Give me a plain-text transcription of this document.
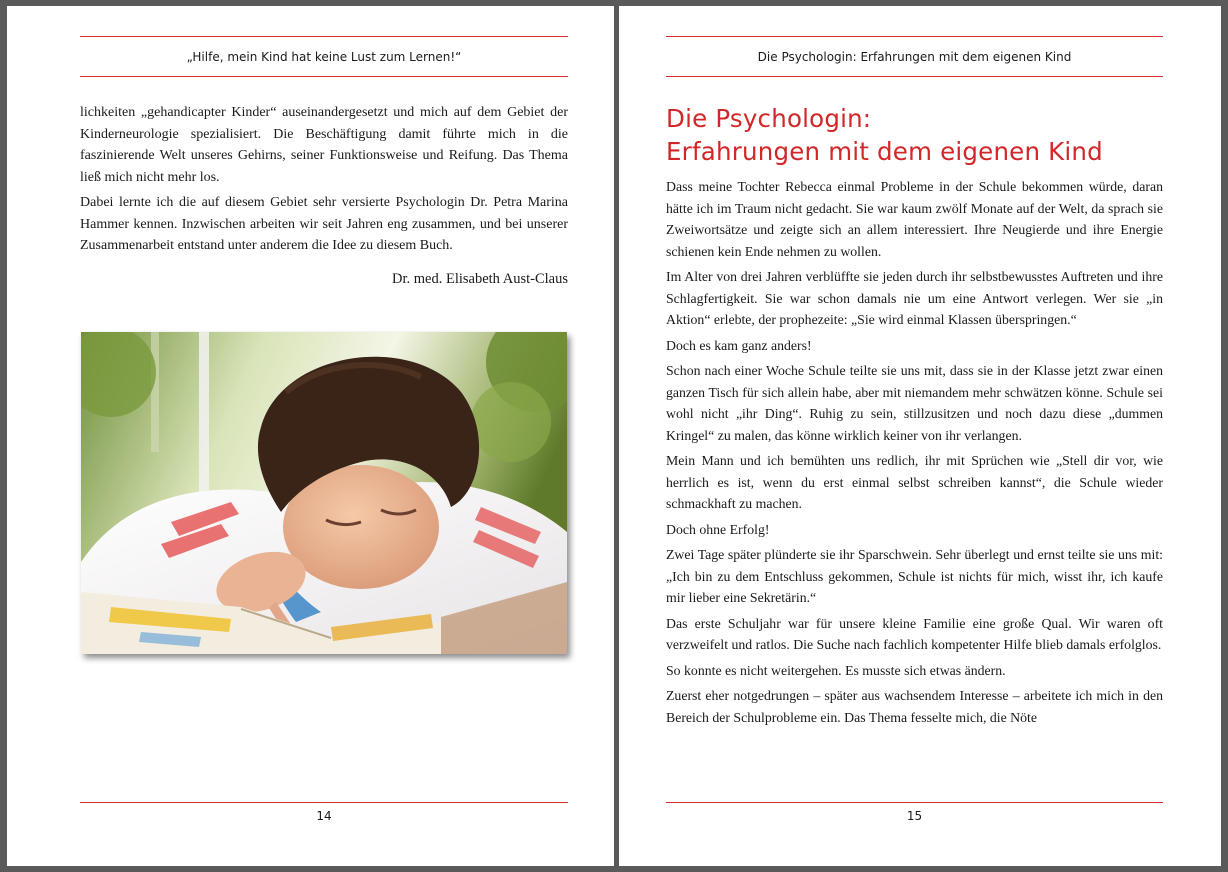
„Hilfe, mein Kind hat keine Lust zum Lernen!“

lichkeiten „gehandicapter Kinder“ auseinandergesetzt und mich auf dem Gebiet der Kinderneurologie spezialisiert. Die Beschäftigung damit führte mich in die faszinierende Welt unseres Gehirns, seiner Funktionsweise und Reifung. Das Thema ließ mich nicht mehr los.

Dabei lernte ich die auf diesem Gebiet sehr versierte Psychologin Dr. Petra Marina Hammer kennen. Inzwischen arbeiten wir seit Jahren eng zusammen, und bei unserer Zusammenarbeit entstand unter anderem die Idee zu diesem Buch.

Dr. med. Elisabeth Aust-Claus
14
Die Psychologin: Erfahrungen mit dem eigenen Kind
Die Psychologin:
Erfahrungen mit dem eigenen Kind

Dass meine Tochter Rebecca einmal Probleme in der Schule bekommen würde, daran hätte ich im Traum nicht gedacht. Sie war kaum zwölf Monate auf der Welt, da sprach sie Zweiwortsätze und zeigte sich an allem interessiert. Ihre Neugierde und ihre Energie schienen kein Ende nehmen zu wollen.

Im Alter von drei Jahren verblüffte sie jeden durch ihr selbstbewusstes Auftreten und ihre Schlagfertigkeit. Sie war schon damals nie um eine Antwort verlegen. Wer sie „in Aktion“ erlebte, der prophezeite: „Sie wird einmal Klassen überspringen.“

Doch es kam ganz anders!

Schon nach einer Woche Schule teilte sie uns mit, dass sie in der Klasse jetzt zwar einen ganzen Tisch für sich allein habe, aber mit niemandem mehr schwätzen könne. Schule sei wohl nicht „ihr Ding“. Ruhig zu sein, stillzusitzen und noch dazu diese „dummen Kringel“ zu malen, das könne wirklich keiner von ihr verlangen.

Mein Mann und ich bemühten uns redlich, ihr mit Sprüchen wie „Stell dir vor, wie herrlich es ist, wenn du erst einmal selbst schreiben kannst“, die Schule wieder schmackhaft zu machen.

Doch ohne Erfolg!

Zwei Tage später plünderte sie ihr Sparschwein. Sehr überlegt und ernst teilte sie uns mit: „Ich bin zu dem Entschluss gekommen, Schule ist nichts für mich, wisst ihr, ich kaufe mir lieber eine Sekretärin.“

Das erste Schuljahr war für unsere kleine Familie eine große Qual. Wir waren oft verzweifelt und ratlos. Die Suche nach fachlich kompetenter Hilfe blieb damals erfolglos.

So konnte es nicht weitergehen. Es musste sich etwas ändern.

Zuerst eher notgedrungen – später aus wachsendem Interesse – arbeitete ich mich in den Bereich der Schulprobleme ein. Das Thema fesselte mich, die Nöte

15
